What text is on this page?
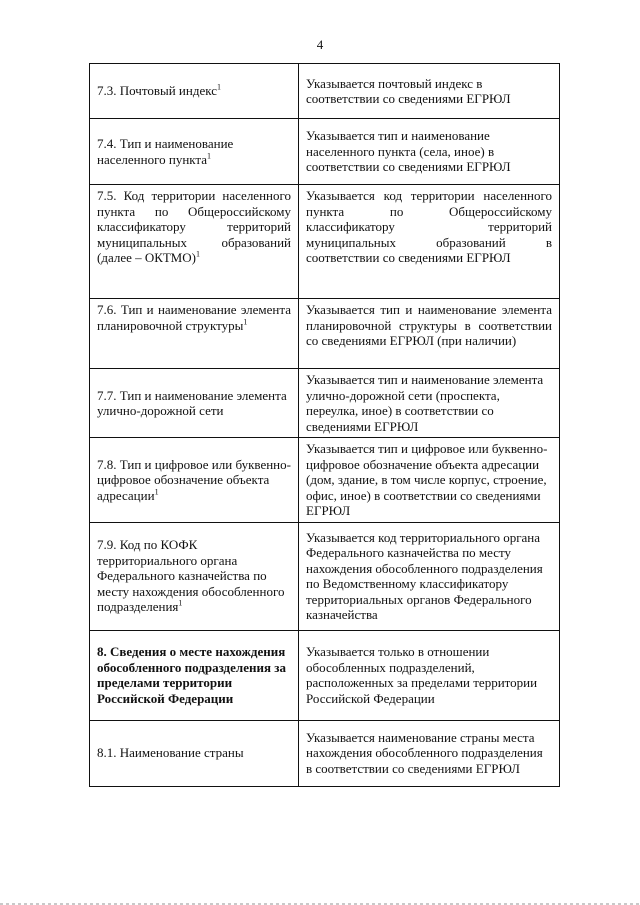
4
7.3. Почтовый индекс$^1$	Указывается почтовый индекс в соответствии со сведениями ЕГРЮЛ
7.4. Тип и наименование населенного пункта$^1$	Указывается тип и наименование населенного пункта (села, иное) в соответствии со сведениями ЕГРЮЛ
7.5. Код территории населенного пункта по Общероссийскому классификатору территорий муниципальных образований (далее – ОКТМО)$^1$	Указывается код территории населенного пункта по Общероссийскому классификатору территорий муниципальных образований в соответствии со сведениями ЕГРЮЛ
7.6. Тип и наименование элемента планировочной структуры$^1$	Указывается тип и наименование элемента планировочной структуры в соответствии со сведениями ЕГРЮЛ (при наличии)
7.7. Тип и наименование элемента улично-дорожной сети	Указывается тип и наименование элемента улично-дорожной сети (проспекта, переулка, иное) в соответствии со сведениями ЕГРЮЛ
7.8. Тип и цифровое или буквенно-цифровое обозначение объекта адресации$^1$	Указывается тип и цифровое или буквенно-цифровое обозначение объекта адресации (дом, здание, в том числе корпус, строение, офис, иное) в соответствии со сведениями ЕГРЮЛ
7.9. Код по КОФК территориального органа Федерального казначейства по месту нахождения обособленного подразделения$^1$	Указывается код территориального органа Федерального казначейства по месту нахождения обособленного подразделения по Ведомственному классификатору территориальных органов Федерального казначейства
8. Сведения о месте нахождения обособленного подразделения за пределами территории Российской Федерации	Указывается только в отношении обособленных подразделений, расположенных за пределами территории Российской Федерации
8.1. Наименование страны	Указывается наименование страны места нахождения обособленного подразделения в соответствии со сведениями ЕГРЮЛ
